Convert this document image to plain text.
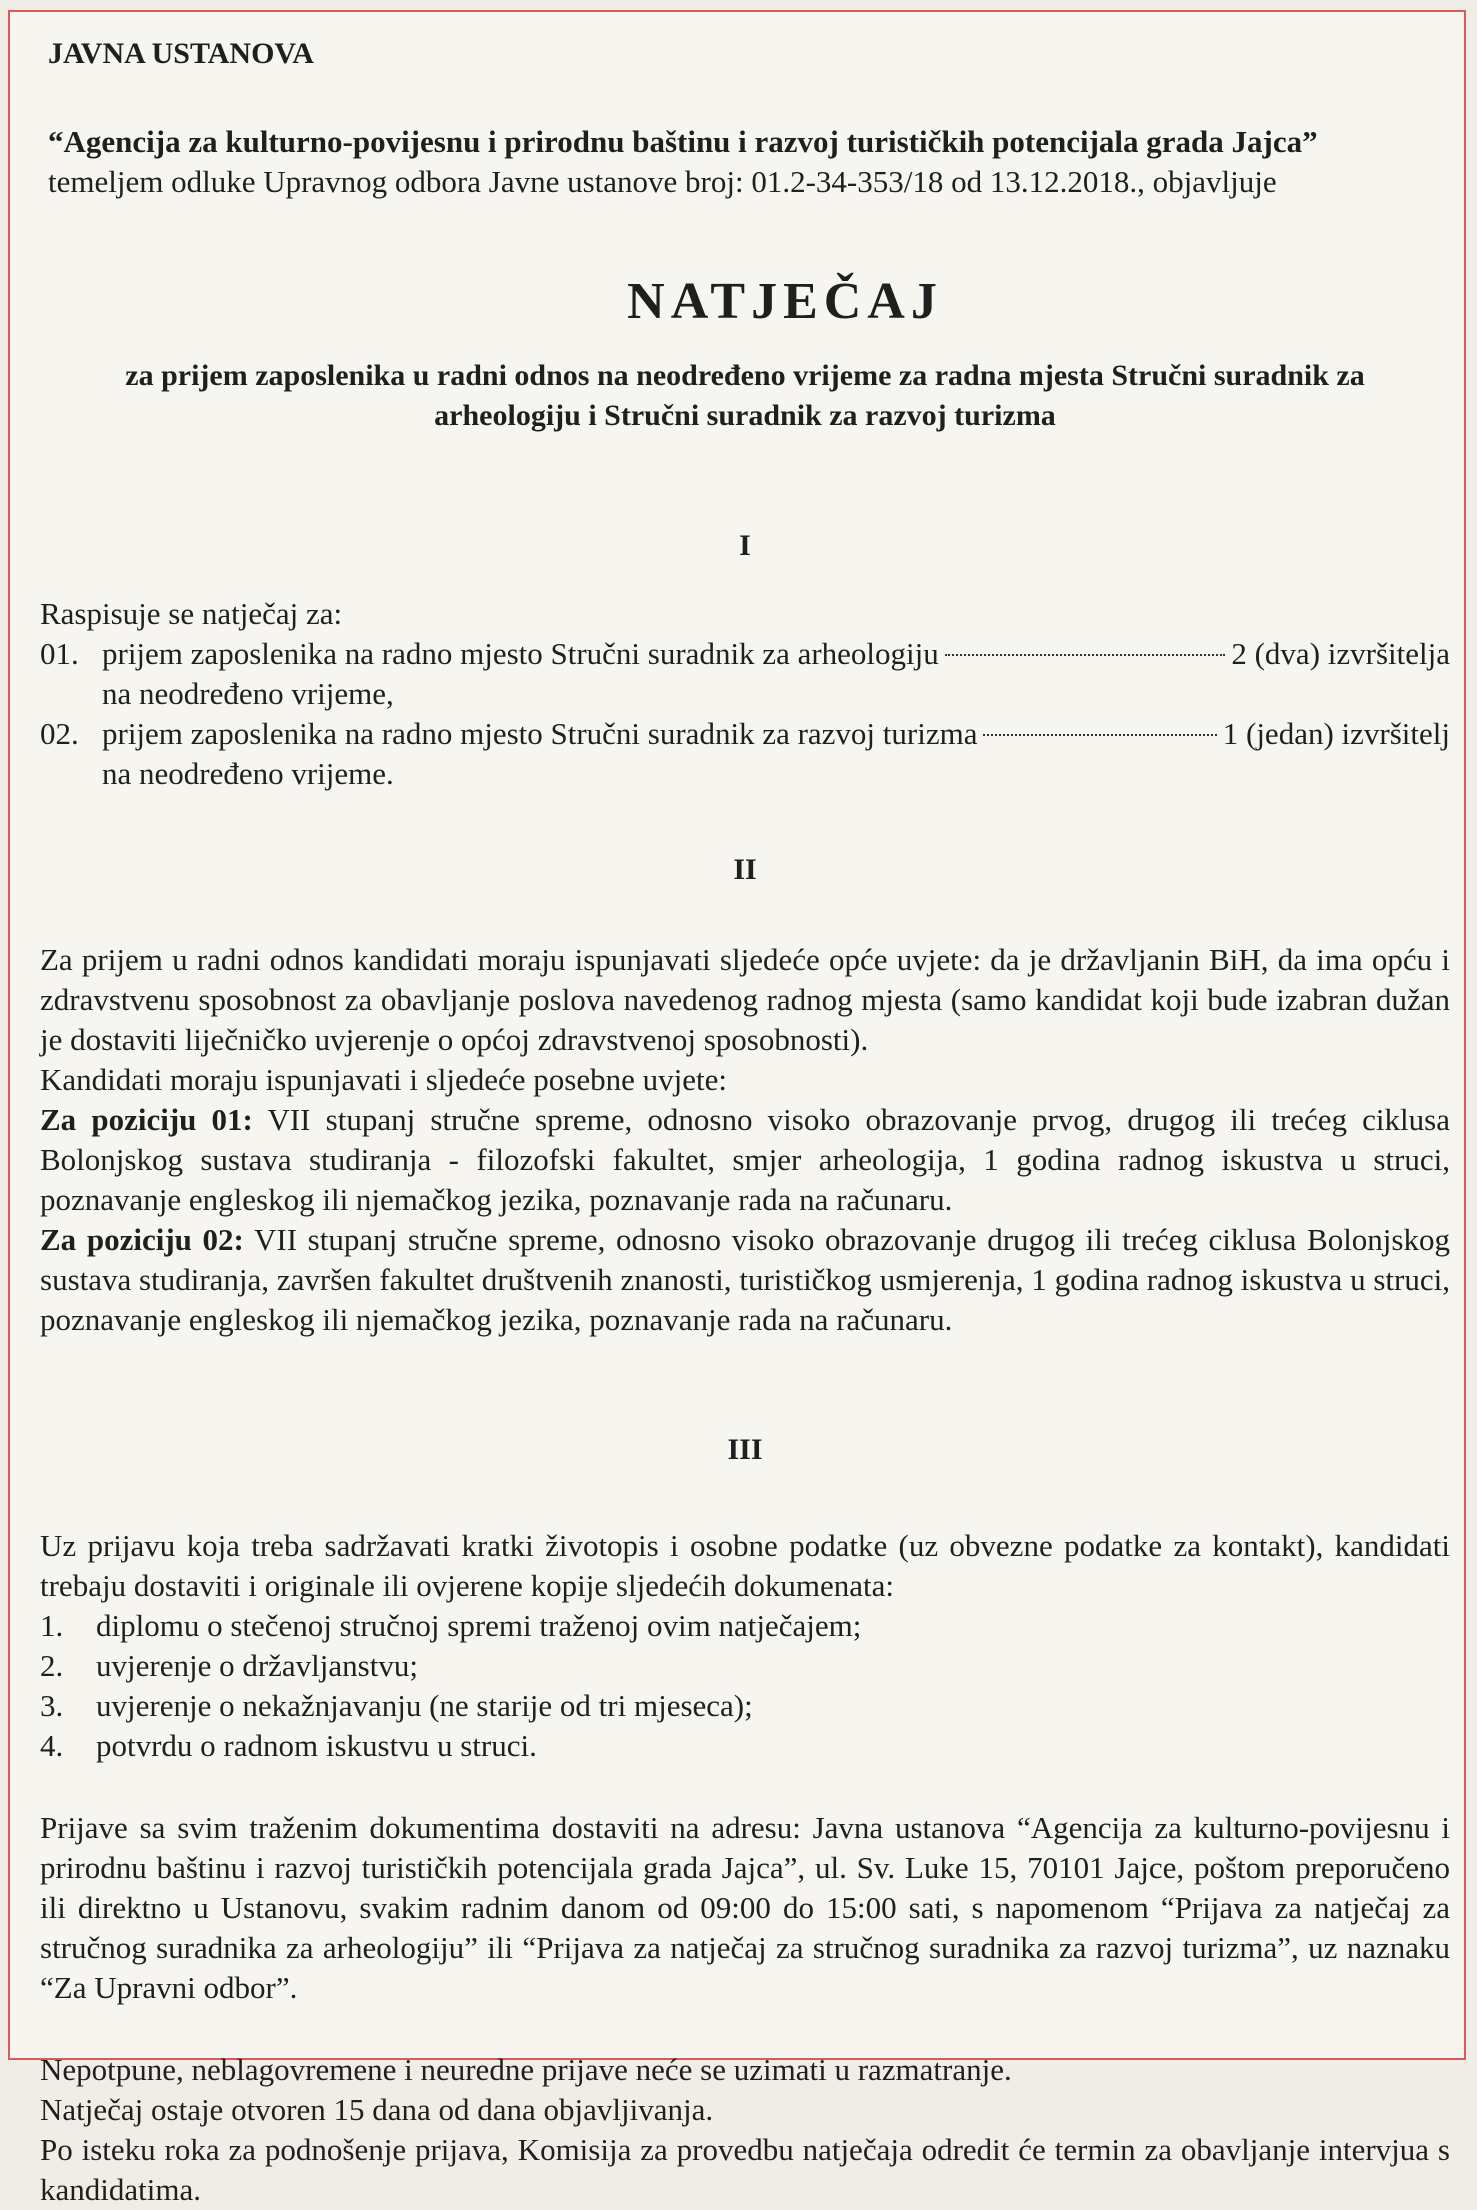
JAVNA USTANOVA
“Agencija za kulturno-povijesnu i prirodnu baštinu i razvoj turističkih potencijala grada Jajca”
temeljem odluke Upravnog odbora Javne ustanove broj: 01.2-34-353/18 od 13.12.2018., objavljuje
NATJEČAJ
za prijem zaposlenika u radni odnos na neodređeno vrijeme za radna mjesta Stručni suradnik za arheologiju i Stručni suradnik za razvoj turizma
I

Raspisuje se natječaj za:

01. prijem zaposlenika na radno mjesto Stručni suradnik za arheologiju	2 (dva) izvršitelja
na neodređeno vrijeme,
02. prijem zaposlenika na radno mjesto Stručni suradnik za razvoj turizma	1 (jedan) izvršitelj
na neodređeno vrijeme.
II

Za prijem u radni odnos kandidati moraju ispunjavati sljedeće opće uvjete: da je državljanin BiH, da ima opću i zdravstvenu sposobnost za obavljanje poslova navedenog radnog mjesta (samo kandidat koji bude izabran dužan je dostaviti liječničko uvjerenje o općoj zdravstvenoj sposobnosti).

Kandidati moraju ispunjavati i sljedeće posebne uvjete:

Za poziciju 01: VII stupanj stručne spreme, odnosno visoko obrazovanje prvog, drugog ili trećeg ciklusa Bolonjskog sustava studiranja - filozofski fakultet, smjer arheologija, 1 godina radnog iskustva u struci, poznavanje engleskog ili njemačkog jezika, poznavanje rada na računaru.

Za poziciju 02: VII stupanj stručne spreme, odnosno visoko obrazovanje drugog ili trećeg ciklusa Bolonjskog sustava studiranja, završen fakultet društvenih znanosti, turističkog usmjerenja, 1 godina radnog iskustva u struci, poznavanje engleskog ili njemačkog jezika, poznavanje rada na računaru.

III

Uz prijavu koja treba sadržavati kratki životopis i osobne podatke (uz obvezne podatke za kontakt), kandidati trebaju dostaviti i originale ili ovjerene kopije sljedećih dokumenata:

1.	diplomu o stečenoj stručnoj spremi traženoj ovim natječajem;
2.	uvjerenje o državljanstvu;
3.	uvjerenje o nekažnjavanju (ne starije od tri mjeseca);
4.	potvrdu o radnom iskustvu u struci.

Prijave sa svim traženim dokumentima dostaviti na adresu: Javna ustanova “Agencija za kulturno-povijesnu i prirodnu baštinu i razvoj turističkih potencijala grada Jajca”, ul. Sv. Luke 15, 70101 Jajce, poštom preporučeno ili direktno u Ustanovu, svakim radnim danom od 09:00 do 15:00 sati, s napomenom “Prijava za natječaj za stručnog suradnika za arheologiju” ili “Prijava za natječaj za stručnog suradnika za razvoj turizma”, uz naznaku “Za Upravni odbor”.

Nepotpune, neblagovremene i neuredne prijave neće se uzimati u razmatranje.

Natječaj ostaje otvoren 15 dana od dana objavljivanja.

Po isteku roka za podnošenje prijava, Komisija za provedbu natječaja odredit će termin za obavljanje intervjua s kandidatima.
